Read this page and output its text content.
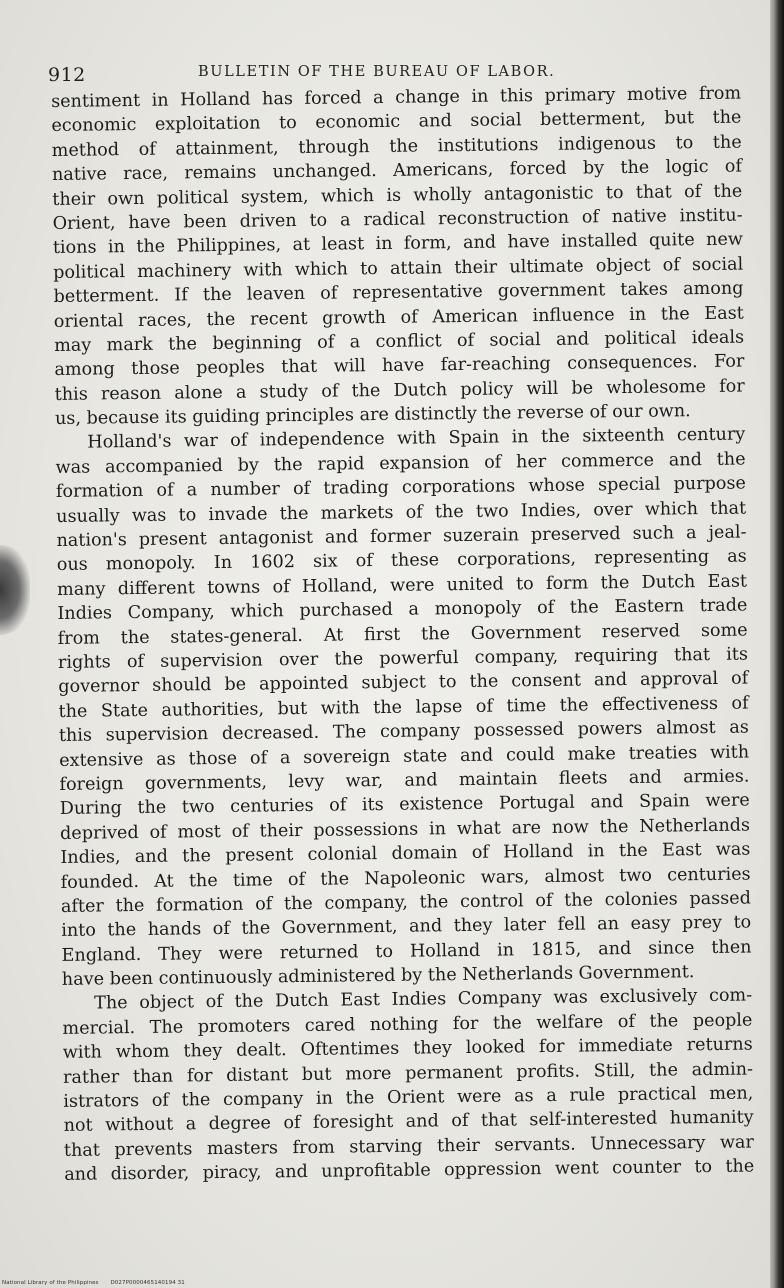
912	BULLETIN OF THE BUREAU OF LABOR.
sentiment in Holland has forced a change in this primary motive from
economic exploitation to economic and social betterment, but the
method of attainment, through the institutions indigenous to the
native race, remains unchanged. Americans, forced by the logic of
their own political system, which is wholly antagonistic to that of the
Orient, have been driven to a radical reconstruction of native institu-
tions in the Philippines, at least in form, and have installed quite new
political machinery with which to attain their ultimate object of social
betterment. If the leaven of representative government takes among
oriental races, the recent growth of American influence in the East
may mark the beginning of a conflict of social and political ideals
among those peoples that will have far-reaching consequences. For
this reason alone a study of the Dutch policy will be wholesome for
us, because its guiding principles are distinctly the reverse of our own.
Holland's war of independence with Spain in the sixteenth century
was accompanied by the rapid expansion of her commerce and the
formation of a number of trading corporations whose special purpose
usually was to invade the markets of the two Indies, over which that
nation's present antagonist and former suzerain preserved such a jeal-
ous monopoly. In 1602 six of these corporations, representing as
many different towns of Holland, were united to form the Dutch East
Indies Company, which purchased a monopoly of the Eastern trade
from the states-general. At first the Government reserved some
rights of supervision over the powerful company, requiring that its
governor should be appointed subject to the consent and approval of
the State authorities, but with the lapse of time the effectiveness of
this supervision decreased. The company possessed powers almost as
extensive as those of a sovereign state and could make treaties with
foreign governments, levy war, and maintain fleets and armies.
During the two centuries of its existence Portugal and Spain were
deprived of most of their possessions in what are now the Netherlands
Indies, and the present colonial domain of Holland in the East was
founded. At the time of the Napoleonic wars, almost two centuries
after the formation of the company, the control of the colonies passed
into the hands of the Government, and they later fell an easy prey to
England. They were returned to Holland in 1815, and since then
have been continuously administered by the Netherlands Government.
The object of the Dutch East Indies Company was exclusively com-
mercial. The promoters cared nothing for the welfare of the people
with whom they dealt. Oftentimes they looked for immediate returns
rather than for distant but more permanent profits. Still, the admin-
istrators of the company in the Orient were as a rule practical men,
not without a degree of foresight and of that self-interested humanity
that prevents masters from starving their servants. Unnecessary war
and disorder, piracy, and unprofitable oppression went counter to the
National Library of the Philippines D027P0000465140194 31
